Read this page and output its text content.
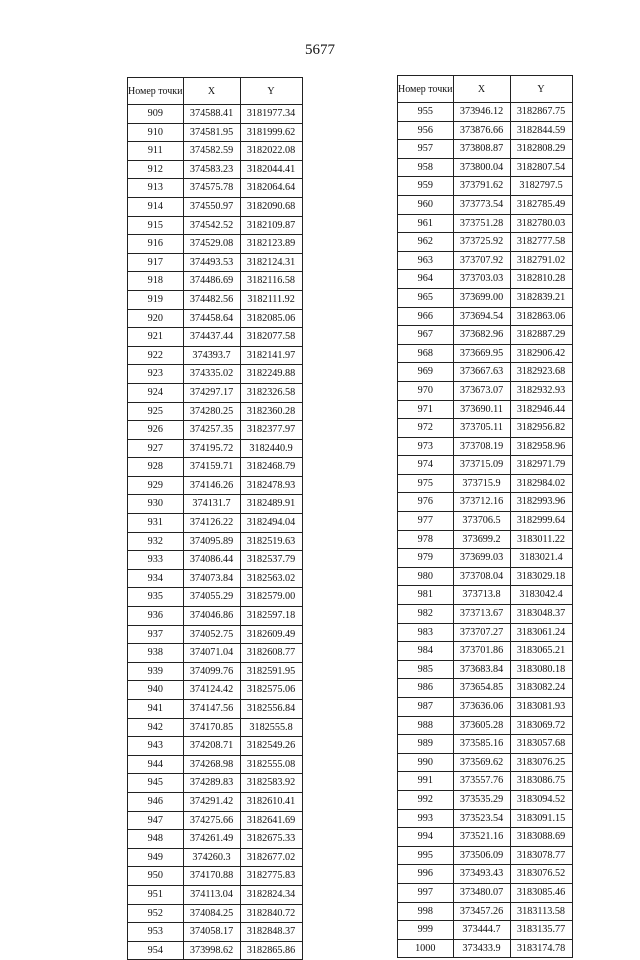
5677
Номер точки	X	Y
909	374588.41	3181977.34
910	374581.95	3181999.62
911	374582.59	3182022.08
912	374583.23	3182044.41
913	374575.78	3182064.64
914	374550.97	3182090.68
915	374542.52	3182109.87
916	374529.08	3182123.89
917	374493.53	3182124.31
918	374486.69	3182116.58
919	374482.56	3182111.92
920	374458.64	3182085.06
921	374437.44	3182077.58
922	374393.7	3182141.97
923	374335.02	3182249.88
924	374297.17	3182326.58
925	374280.25	3182360.28
926	374257.35	3182377.97
927	374195.72	3182440.9
928	374159.71	3182468.79
929	374146.26	3182478.93
930	374131.7	3182489.91
931	374126.22	3182494.04
932	374095.89	3182519.63
933	374086.44	3182537.79
934	374073.84	3182563.02
935	374055.29	3182579.00
936	374046.86	3182597.18
937	374052.75	3182609.49
938	374071.04	3182608.77
939	374099.76	3182591.95
940	374124.42	3182575.06
941	374147.56	3182556.84
942	374170.85	3182555.8
943	374208.71	3182549.26
944	374268.98	3182555.08
945	374289.83	3182583.92
946	374291.42	3182610.41
947	374275.66	3182641.69
948	374261.49	3182675.33
949	374260.3	3182677.02
950	374170.88	3182775.83
951	374113.04	3182824.34
952	374084.25	3182840.72
953	374058.17	3182848.37
954	373998.62	3182865.86
Номер точки	X	Y
955	373946.12	3182867.75
956	373876.66	3182844.59
957	373808.87	3182808.29
958	373800.04	3182807.54
959	373791.62	3182797.5
960	373773.54	3182785.49
961	373751.28	3182780.03
962	373725.92	3182777.58
963	373707.92	3182791.02
964	373703.03	3182810.28
965	373699.00	3182839.21
966	373694.54	3182863.06
967	373682.96	3182887.29
968	373669.95	3182906.42
969	373667.63	3182923.68
970	373673.07	3182932.93
971	373690.11	3182946.44
972	373705.11	3182956.82
973	373708.19	3182958.96
974	373715.09	3182971.79
975	373715.9	3182984.02
976	373712.16	3182993.96
977	373706.5	3182999.64
978	373699.2	3183011.22
979	373699.03	3183021.4
980	373708.04	3183029.18
981	373713.8	3183042.4
982	373713.67	3183048.37
983	373707.27	3183061.24
984	373701.86	3183065.21
985	373683.84	3183080.18
986	373654.85	3183082.24
987	373636.06	3183081.93
988	373605.28	3183069.72
989	373585.16	3183057.68
990	373569.62	3183076.25
991	373557.76	3183086.75
992	373535.29	3183094.52
993	373523.54	3183091.15
994	373521.16	3183088.69
995	373506.09	3183078.77
996	373493.43	3183076.52
997	373480.07	3183085.46
998	373457.26	3183113.58
999	373444.7	3183135.77
1000	373433.9	3183174.78
